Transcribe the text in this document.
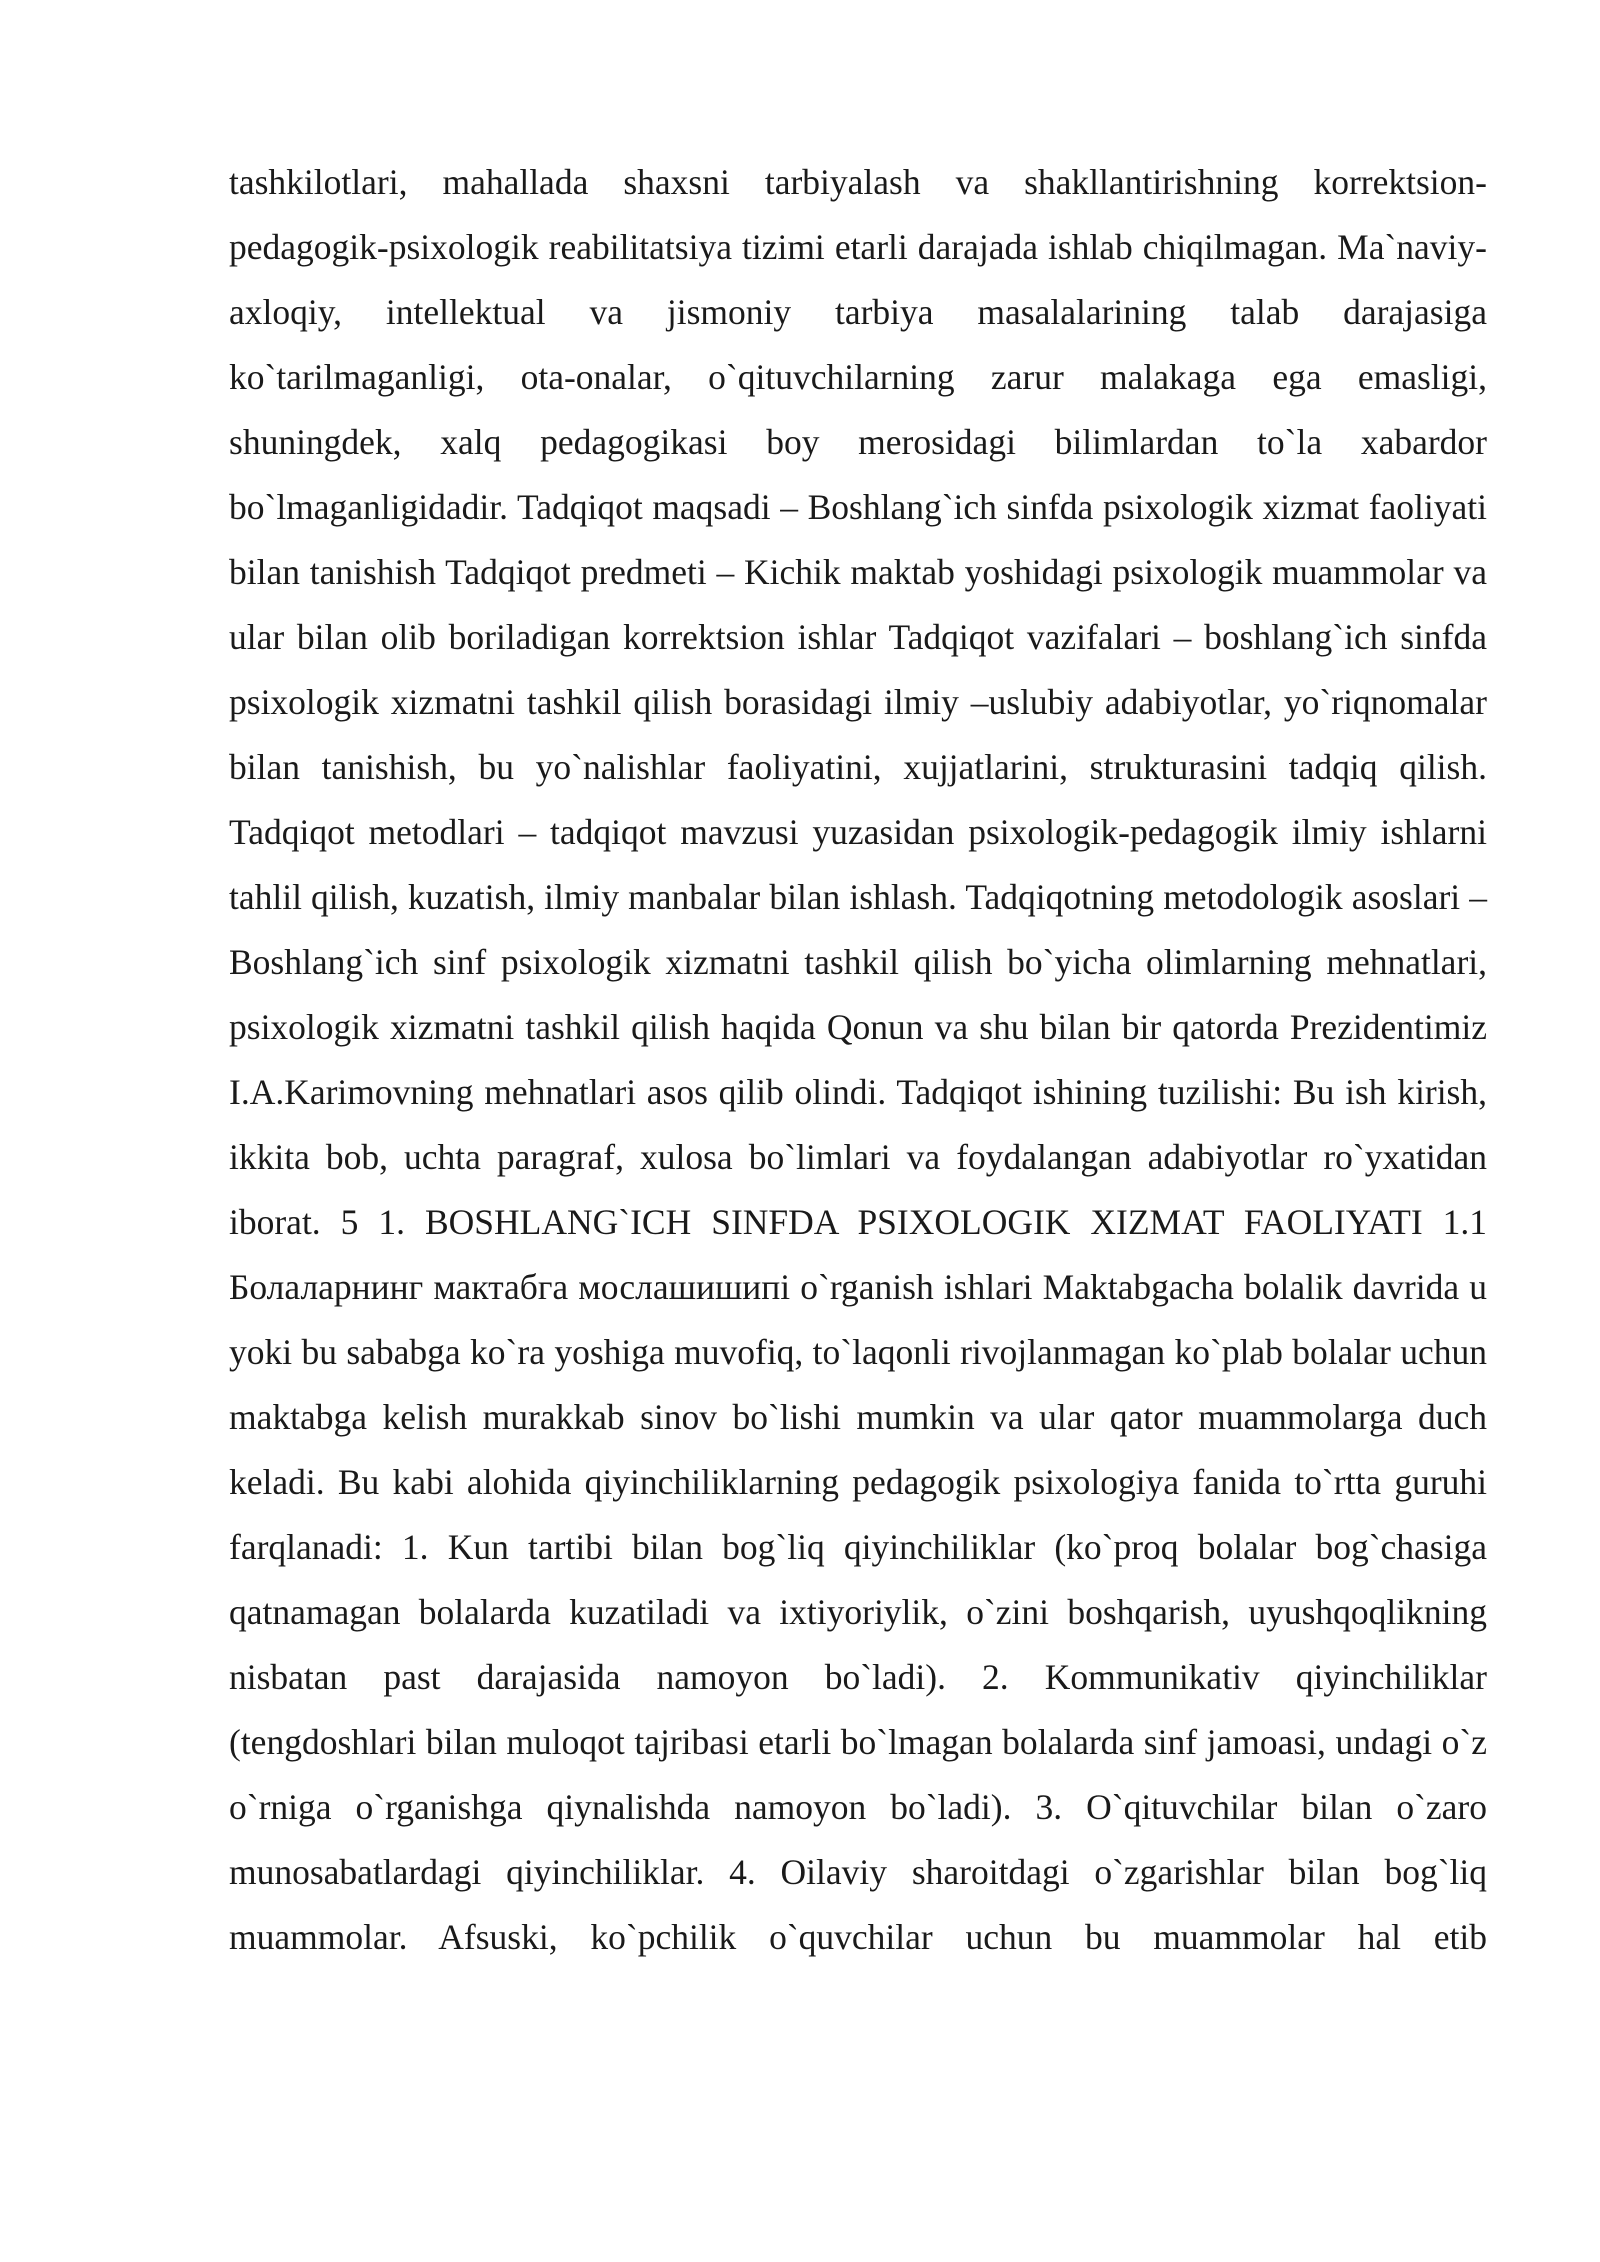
tashkilotlari, mahallada shaxsni tarbiyalash va shakllantirishning korrektsion-pedagogik-psixologik reabilitatsiya tizimi etarli darajada ishlab chiqilmagan. Ma`naviy-axloqiy, intellektual va jismoniy tarbiya masalalarining talab darajasiga ko`tarilmaganligi, ota-onalar, o`qituvchilarning zarur malakaga ega emasligi, shuningdek, xalq pedagogikasi boy merosidagi bilimlardan to`la xabardor bo`lmaganligidadir. Tadqiqot maqsadi – Boshlang`ich sinfda psixologik xizmat faoliyati bilan tanishish Tadqiqot predmeti – Kichik maktab yoshidagi psixologik muammolar va ular bilan olib boriladigan korrektsion ishlar Tadqiqot vazifalari – boshlang`ich sinfda psixologik xizmatni tashkil qilish borasidagi ilmiy –uslubiy adabiyotlar, yo`riqnomalar bilan tanishish, bu yo`nalishlar faoliyatini, xujjatlarini, strukturasini tadqiq qilish. Tadqiqot metodlari – tadqiqot mavzusi yuzasidan psixologik-pedagogik ilmiy ishlarni tahlil qilish, kuzatish, ilmiy manbalar bilan ishlash. Tadqiqotning metodologik asoslari – Boshlang`ich sinf psixologik xizmatni tashkil qilish bo`yicha olimlarning mehnatlari, psixologik xizmatni tashkil qilish haqida Qonun va shu bilan bir qatorda Prezidentimiz I.A.Karimovning mehnatlari asos qilib olindi. Tadqiqot ishining tuzilishi: Bu ish kirish, ikkita bob, uchta paragraf, xulosa bo`limlari va foydalangan adabiyotlar ro`yxatidan iborat. 5 1. BOSHLANG`ICH SINFDA PSIXOLOGIK XIZMAT FAOLIYATI 1.1 Болаларнинг мактабга мослашишипі o`rganish ishlari Maktabgacha bolalik davrida u yoki bu sababga ko`ra yoshiga muvofiq, to`laqonli rivojlanmagan ko`plab bolalar uchun maktabga kelish murakkab sinov bo`lishi mumkin va ular qator muammolarga duch keladi. Bu kabi alohida qiyinchiliklarning pedagogik psixologiya fanida to`rtta guruhi farqlanadi: 1. Kun tartibi bilan bog`liq qiyinchiliklar (ko`proq bolalar bog`chasiga qatnamagan bolalarda kuzatiladi va ixtiyoriylik, o`zini boshqarish, uyushqoqlikning nisbatan past darajasida namoyon bo`ladi). 2. Kommunikativ qiyinchiliklar (tengdoshlari bilan muloqot tajribasi etarli bo`lmagan bolalarda sinf jamoasi, undagi o`z o`rniga o`rganishga qiynalishda namoyon bo`ladi). 3. O`qituvchilar bilan o`zaro munosabatlardagi qiyinchiliklar. 4. Oilaviy sharoitdagi o`zgarishlar bilan bog`liq muammolar. Afsuski, ko`pchilik o`quvchilar uchun bu muammolar hal etib
